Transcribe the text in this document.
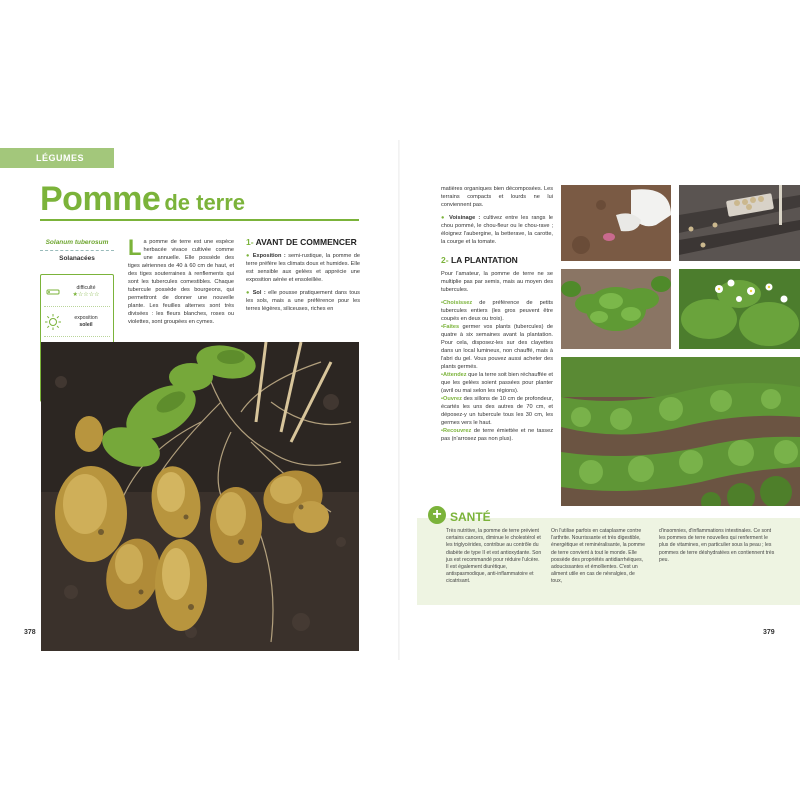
LÉGUMES
Pomme de terre
Solanum tuberosum
Solanacées
difficulté
★ ☆ ☆ ☆ ☆
exposition
soleil
La pomme de terre est une espèce herbacée vivace cultivée comme une annuelle. Elle possède des tiges aériennes de 40 à 60 cm de haut, et des tiges souterraines à renflements qui sont les tubercules comestibles. Chaque tubercule possède des bourgeons, qui permettront de donner une nouvelle plante. Les feuilles alternes sont très divisées : les fleurs blanches, roses ou violettes, sont groupées en cymes.
1- AVANT DE COMMENCER
● Exposition : semi-rustique, la pomme de terre préfère les climats doux et humides. Elle est sensible aux gelées et apprécie une exposition aérée et ensoleillée.
● Sol : elle pousse pratiquement dans tous les sols, mais a une préférence pour les terres légères, siliceuses, riches en
378	379
matières organiques bien décomposées. Les terrains compacts et lourds ne lui conviennent pas.
● Voisinage : cultivez entre les rangs le chou pommé, le chou-fleur ou le chou-rave ; éloignez l'aubergine, la betterave, la carotte, la courge et la tomate.
2- LA PLANTATION
Pour l'amateur, la pomme de terre ne se multiplie pas par semis, mais au moyen des tubercules.
•Choisissez de préférence de petits tubercules entiers (les gros peuvent être coupés en deux ou trois).
•Faites germer vos plants (tubercules) de quatre à six semaines avant la plantation. Pour cela, disposez-les sur des clayettes dans un local lumineux, non chauffé, mais à l'abri du gel. Vous pouvez aussi acheter des plants germés.
•Attendez que la terre soit bien réchauffée et que les gelées soient passées pour planter (avril ou mai selon les régions).
•Ouvrez des sillons de 10 cm de profondeur, écartés les uns des autres de 70 cm, et déposez-y un tubercule tous les 30 cm, les germes vers le haut.
•Recouvrez de terre émiettée et ne tassez pas (n'arrosez pas non plus).
+ SANTÉ
Très nutritive, la pomme de terre prévient certains cancers, diminue le cholestérol et les triglycérides, contribue au contrôle du diabète de type II et est antioxydante. Son jus est recommandé pour réduire l'ulcère. Il est également diurétique, antispasmodique, anti-inflammatoire et cicatrisant.
On l'utilise parfois en cataplasme contre l'arthrite. Nourrissante et très digestible, énergétique et reminéralisante, la pomme de terre convient à tout le monde. Elle possède des propriétés antidiarrhéiques, adoucissantes et émollientes. C'est un aliment utile en cas de névralgies, de toux,
d'insomnies, d'inflammations intestinales. Ce sont les pommes de terre nouvelles qui renferment le plus de vitamines, en particulier sous la peau ; les pommes de terre déshydratées en contiennent très peu.
